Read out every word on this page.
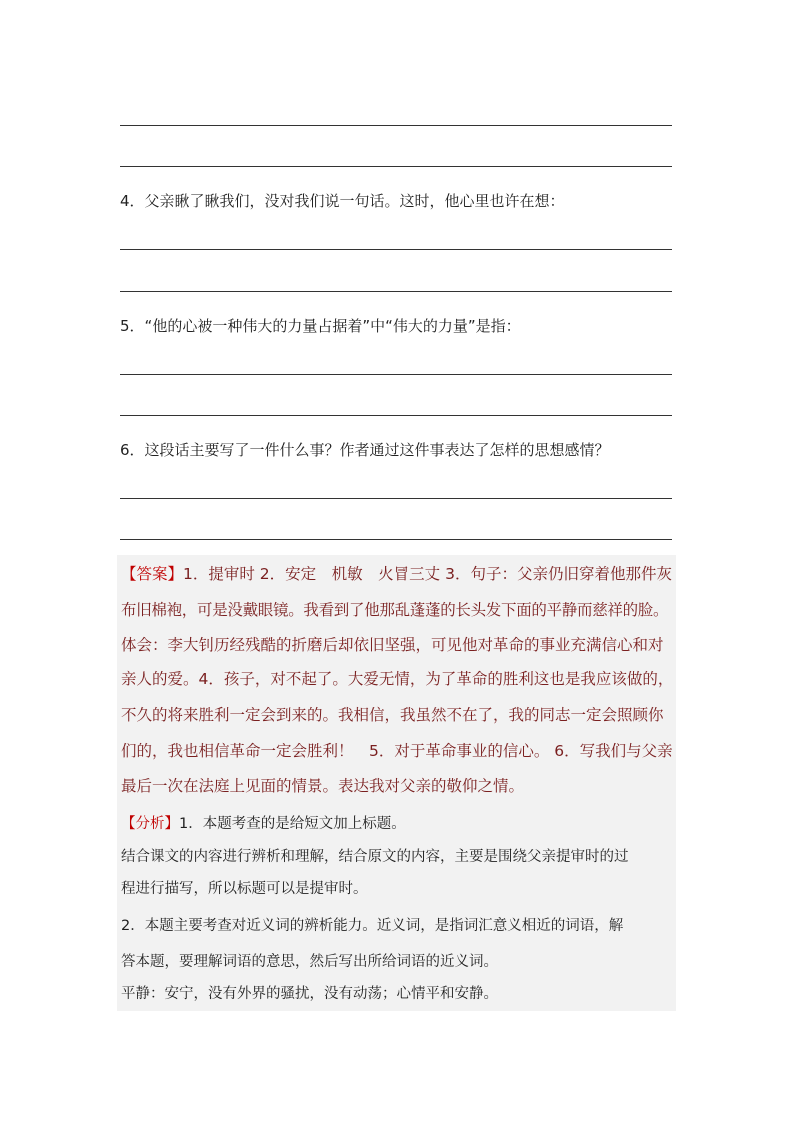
4．父亲瞅了瞅我们，没对我们说一句话。这时，他心里也许在想：
5．“他的心被一种伟大的力量占据着”中“伟大的力量”是指：
6．这段话主要写了一件什么事？作者通过这件事表达了怎样的思想感情？
【答案】1．提审时 2．安定　机敏　火冒三丈 3．句子：父亲仍旧穿着他那件灰
布旧棉袍，可是没戴眼镜。我看到了他那乱蓬蓬的长头发下面的平静而慈祥的脸。
体会：李大钊历经残酷的折磨后却依旧坚强，可见他对革命的事业充满信心和对
亲人的爱。4．孩子，对不起了。大爱无情，为了革命的胜利这也是我应该做的，
不久的将来胜利一定会到来的。我相信，我虽然不在了，我的同志一定会照顾你
们的，我也相信革命一定会胜利！　5．对于革命事业的信心。 6．写我们与父亲
最后一次在法庭上见面的情景。表达我对父亲的敬仰之情。
【分析】1．本题考查的是给短文加上标题。
结合课文的内容进行辨析和理解，结合原文的内容，主要是围绕父亲提审时的过
程进行描写，所以标题可以是提审时。
2．本题主要考查对近义词的辨析能力。近义词，是指词汇意义相近的词语，解
答本题，要理解词语的意思，然后写出所给词语的近义词。
平静：安宁，没有外界的骚扰，没有动荡；心情平和安静。
